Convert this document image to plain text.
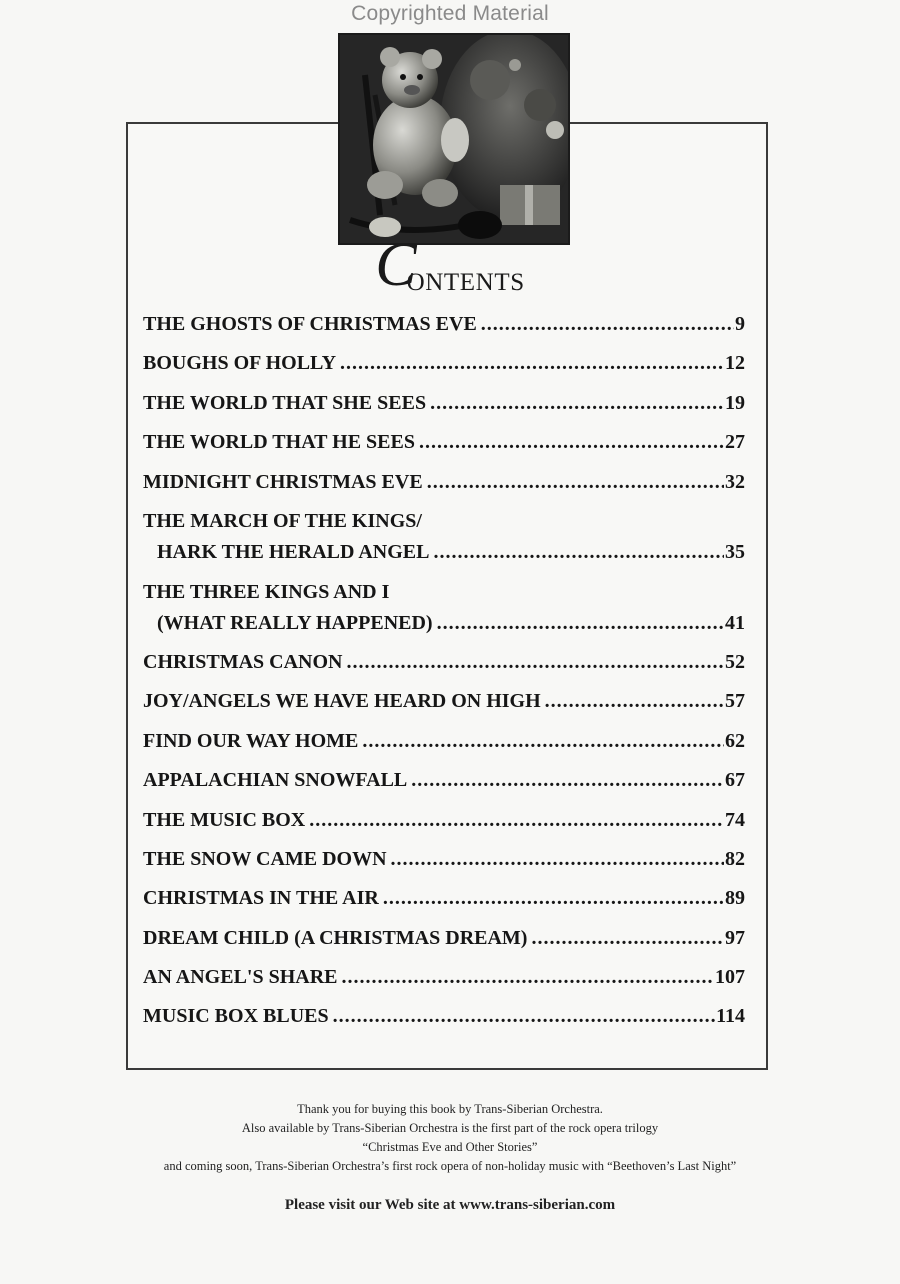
Copyrighted Material
CONTENTS
THE GHOSTS OF CHRISTMAS EVE .....	9
BOUGHS OF HOLLY .....	12
THE WORLD THAT SHE SEES .....	19
THE WORLD THAT HE SEES .....	27
MIDNIGHT CHRISTMAS EVE .....	32
THE MARCH OF THE KINGS/
HARK THE HERALD ANGEL .....	35
THE THREE KINGS AND I
(WHAT REALLY HAPPENED) .....	41
CHRISTMAS CANON .....	52
JOY/ANGELS WE HAVE HEARD ON HIGH .....	57
FIND OUR WAY HOME .....	62
APPALACHIAN SNOWFALL .....	67
THE MUSIC BOX .....	74
THE SNOW CAME DOWN .....	82
CHRISTMAS IN THE AIR .....	89
DREAM CHILD (A CHRISTMAS DREAM) .....	97
AN ANGEL'S SHARE .....	107
MUSIC BOX BLUES .....	114
Thank you for buying this book by Trans-Siberian Orchestra.
Also available by Trans-Siberian Orchestra is the first part of the rock opera trilogy
“Christmas Eve and Other Stories”
and coming soon, Trans-Siberian Orchestra’s first rock opera of non-holiday music with “Beethoven’s Last Night”
Please visit our Web site at www.trans-siberian.com
